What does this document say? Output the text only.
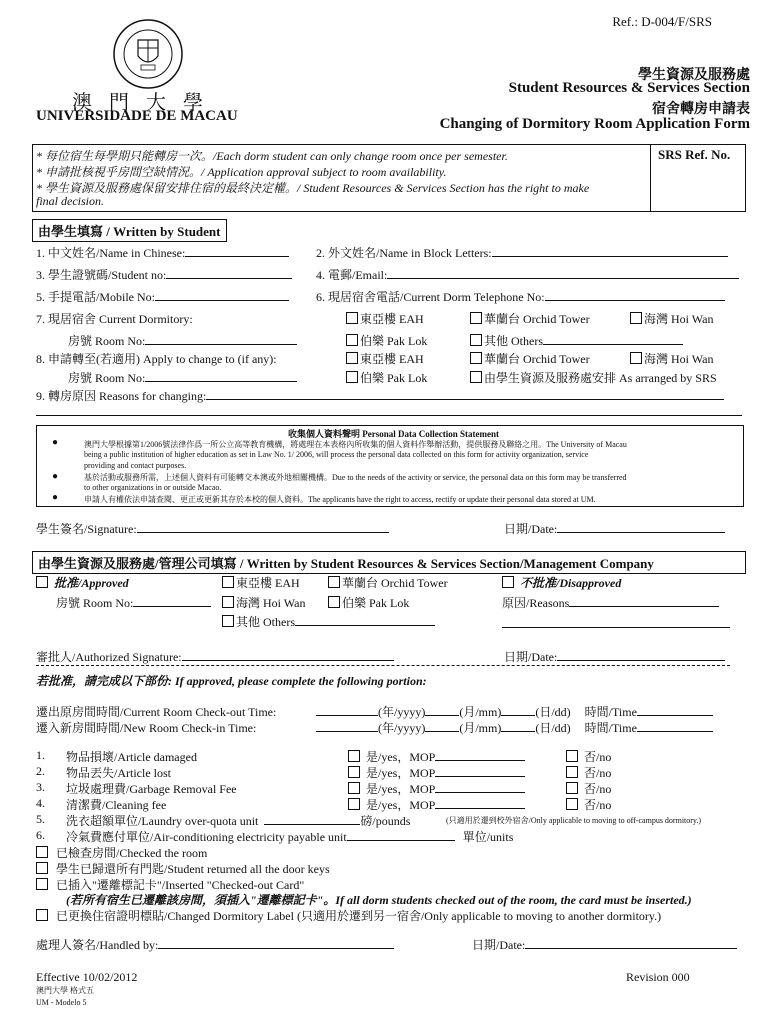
Ref.: D-004/F/SRS
澳 門 大 學
UNIVERSIDADE DE MACAU
學生資源及服務處
Student Resources & Services Section
宿舍轉房申請表
Changing of Dormitory Room Application Form
* 每位宿生每學期只能轉房一次。/Each dorm student can only change room once per semester.
* 申請批核視乎房間空缺情況。/ Application approval subject to room availability.
* 學生資源及服務處保留安排住宿的最終決定權。/ Student Resources & Services Section has the right to make
final decision.
SRS Ref. No.
由學生填寫 / Written by Student
1. 中文姓名/Name in Chinese:	2. 外文姓名/Name in Block Letters:
3. 學生證號碼/Student no:	4. 電郵/Email:
5. 手提電話/Mobile No:	6. 現居宿舍電話/Current Dorm Telephone No:
7. 現居宿舍 Current Dormitory:	東亞樓 EAH	華蘭台 Orchid Tower	海灣 Hoi Wan
房號 Room No:	伯樂 Pak Lok	其他 Others
8. 申請轉至(若適用) Apply to change to (if any):	東亞樓 EAH	華蘭台 Orchid Tower	海灣 Hoi Wan
房號 Room No:	伯樂 Pak Lok	由學生資源及服務處安排 As arranged by SRS
9. 轉房原因 Reasons for changing:
收集個人資料聲明 Personal Data Collection Statement
●	澳門大學根據第1/2006號法律作爲一所公立高等教育機構，將處理在本表格內所收集的個人資料作舉辦活動，提供服務及聯絡之用。The University of Macau
being a public institution of higher education as set in Law No. 1/ 2006, will process the personal data collected on this form for activity organization, service
providing and contact purposes.
●	基於活動或服務所需，上述個人資料有可能轉交本澳或外地相關機構。Due to the needs of the activity or service, the personal data on this form may be transferred
to other organizations in or outside Macao.
●	申請人有權依法申請查閱、更正或更新其存於本校的個人資料。The applicants have the right to access, rectify or update their personal data stored at UM.
學生簽名/Signature:	日期/Date:
由學生資源及服務處/管理公司填寫 / Written by Student Resources & Services Section/Management Company
批准/Approved	東亞樓 EAH	華蘭台 Orchid Tower	不批准/Disapproved
房號 Room No:	海灣 Hoi Wan	伯樂 Pak Lok	原因/Reasons
其他 Others
審批人/Authorized Signature:	日期/Date:
若批准，請完成以下部份: If approved, please complete the following portion:
遷出原房間時間/Current Room Check-out Time:	(年/yyyy)	(月/mm)	(日/dd) 時間/Time
遷入新房間時間/New Room Check-in Time:	(年/yyyy)	(月/mm)	(日/dd) 時間/Time
1. 物品損壞/Article damaged	是/yes，MOP	否/no
2. 物品丟失/Article lost	是/yes，MOP	否/no
3. 垃圾處理費/Garbage Removal Fee	是/yes，MOP	否/no
4. 清潔費/Cleaning fee	是/yes，MOP	否/no
5. 洗衣超額單位/Laundry over-quota unit	磅/pounds	(只適用於遷到校外宿舍/Only applicable to moving to off-campus dormitory.)
6. 冷氣費應付單位/Air-conditioning electricity payable unit	單位/units
已檢查房間/Checked the room
學生已歸還所有門匙/Student returned all the door keys
已插入"遷離標記卡"/Inserted "Checked-out Card"
(若所有宿生已遷離該房間，須插入"遷離標記卡"。If all dorm students checked out of the room, the card must be inserted.)
已更換住宿證明標貼/Changed Dormitory Label (只適用於遷到另一宿舍/Only applicable to moving to another dormitory.)
處理人簽名/Handled by:	日期/Date:
Effective 10/02/2012	Revision 000
澳門大學 格式五
UM - Modelo 5
